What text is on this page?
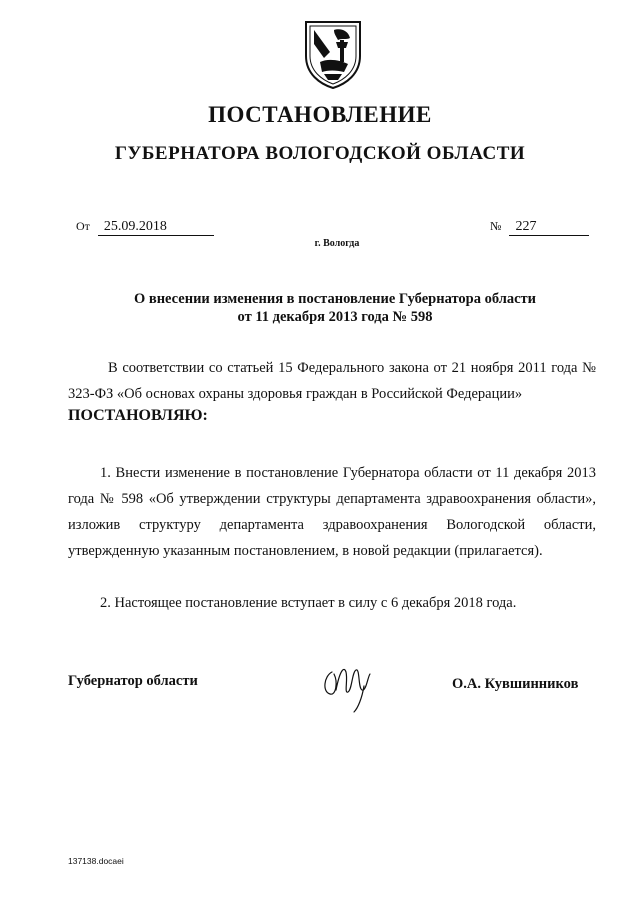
ПОСТАНОВЛЕНИЕ
ГУБЕРНАТОРА ВОЛОГОДСКОЙ ОБЛАСТИ
От 25.09.2018	№ 227
г. Вологда
О внесении изменения в постановление Губернатора области
от 11 декабря 2013 года № 598
В соответствии со статьей 15 Федерального закона от 21 ноября 2011 года № 323-ФЗ «Об основах охраны здоровья граждан в Российской Федерации»
ПОСТАНОВЛЯЮ:
1. Внести изменение в постановление Губернатора области от 11 декабря 2013 года № 598 «Об утверждении структуры департамента здравоохранения области», изложив структуру департамента здравоохранения Вологодской области, утвержденную указанным постановлением, в новой редакции (прилагается).
2. Настоящее постановление вступает в силу с 6 декабря 2018 года.
Губернатор области	О.А. Кувшинников
137138.docaei
